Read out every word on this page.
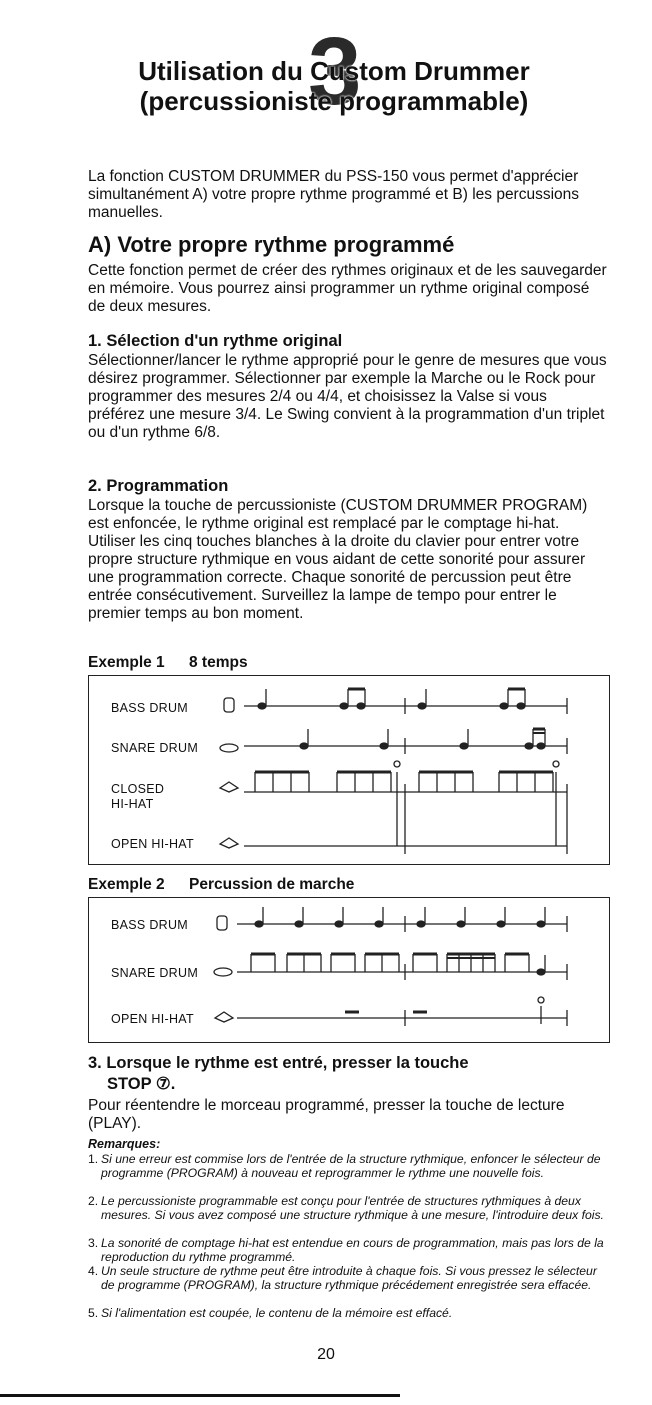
3
Utilisation du Custom Drummer
(percussioniste programmable)
La fonction CUSTOM DRUMMER du PSS-150 vous permet d'apprécier simultanément A) votre propre rythme programmé et B) les percussions manuelles.
A) Votre propre rythme programmé
Cette fonction permet de créer des rythmes originaux et de les sauvegarder en mémoire. Vous pourrez ainsi programmer un rythme original composé de deux mesures.
1. Sélection d'un rythme original
Sélectionner/lancer le rythme approprié pour le genre de mesures que vous désirez programmer. Sélectionner par exemple la Marche ou le Rock pour programmer des mesures 2/4 ou 4/4, et choisissez la Valse si vous préférez une mesure 3/4. Le Swing convient à la programmation d'un triplet ou d'un rythme 6/8.
2. Programmation
Lorsque la touche de percussioniste (CUSTOM DRUMMER PROGRAM) est enfoncée, le rythme original est remplacé par le comptage hi-hat. Utiliser les cinq touches blanches à la droite du clavier pour entrer votre propre structure rythmique en vous aidant de cette sonorité pour assurer une programmation correcte. Chaque sonorité de percussion peut être entrée consécutivement. Surveillez la lampe de tempo pour entrer le premier temps au bon moment.
Exemple 1 8 temps
BASS DRUM
SNARE DRUM
CLOSED
HI-HAT
OPEN HI-HAT
Exemple 2 Percussion de marche
BASS DRUM
SNARE DRUM
OPEN HI-HAT
3. Lorsque le rythme est entré, presser la touche
STOP ⑦.
Pour réentendre le morceau programmé, presser la touche de lecture (PLAY).
Remarques:
1. Si une erreur est commise lors de l'entrée de la structure rythmique, enfoncer le sélecteur de programme (PROGRAM) à nouveau et reprogrammer le rythme une nouvelle fois.
2. Le percussioniste programmable est conçu pour l'entrée de structures rythmiques à deux mesures. Si vous avez composé une structure rythmique à une mesure, l'introduire deux fois.
3. La sonorité de comptage hi-hat est entendue en cours de programmation, mais pas lors de la reproduction du rythme programmé.
4. Un seule structure de rythme peut être introduite à chaque fois. Si vous pressez le sélecteur de programme (PROGRAM), la structure rythmique précédement enregistrée sera effacée.
5. Si l'alimentation est coupée, le contenu de la mémoire est effacé.
20
